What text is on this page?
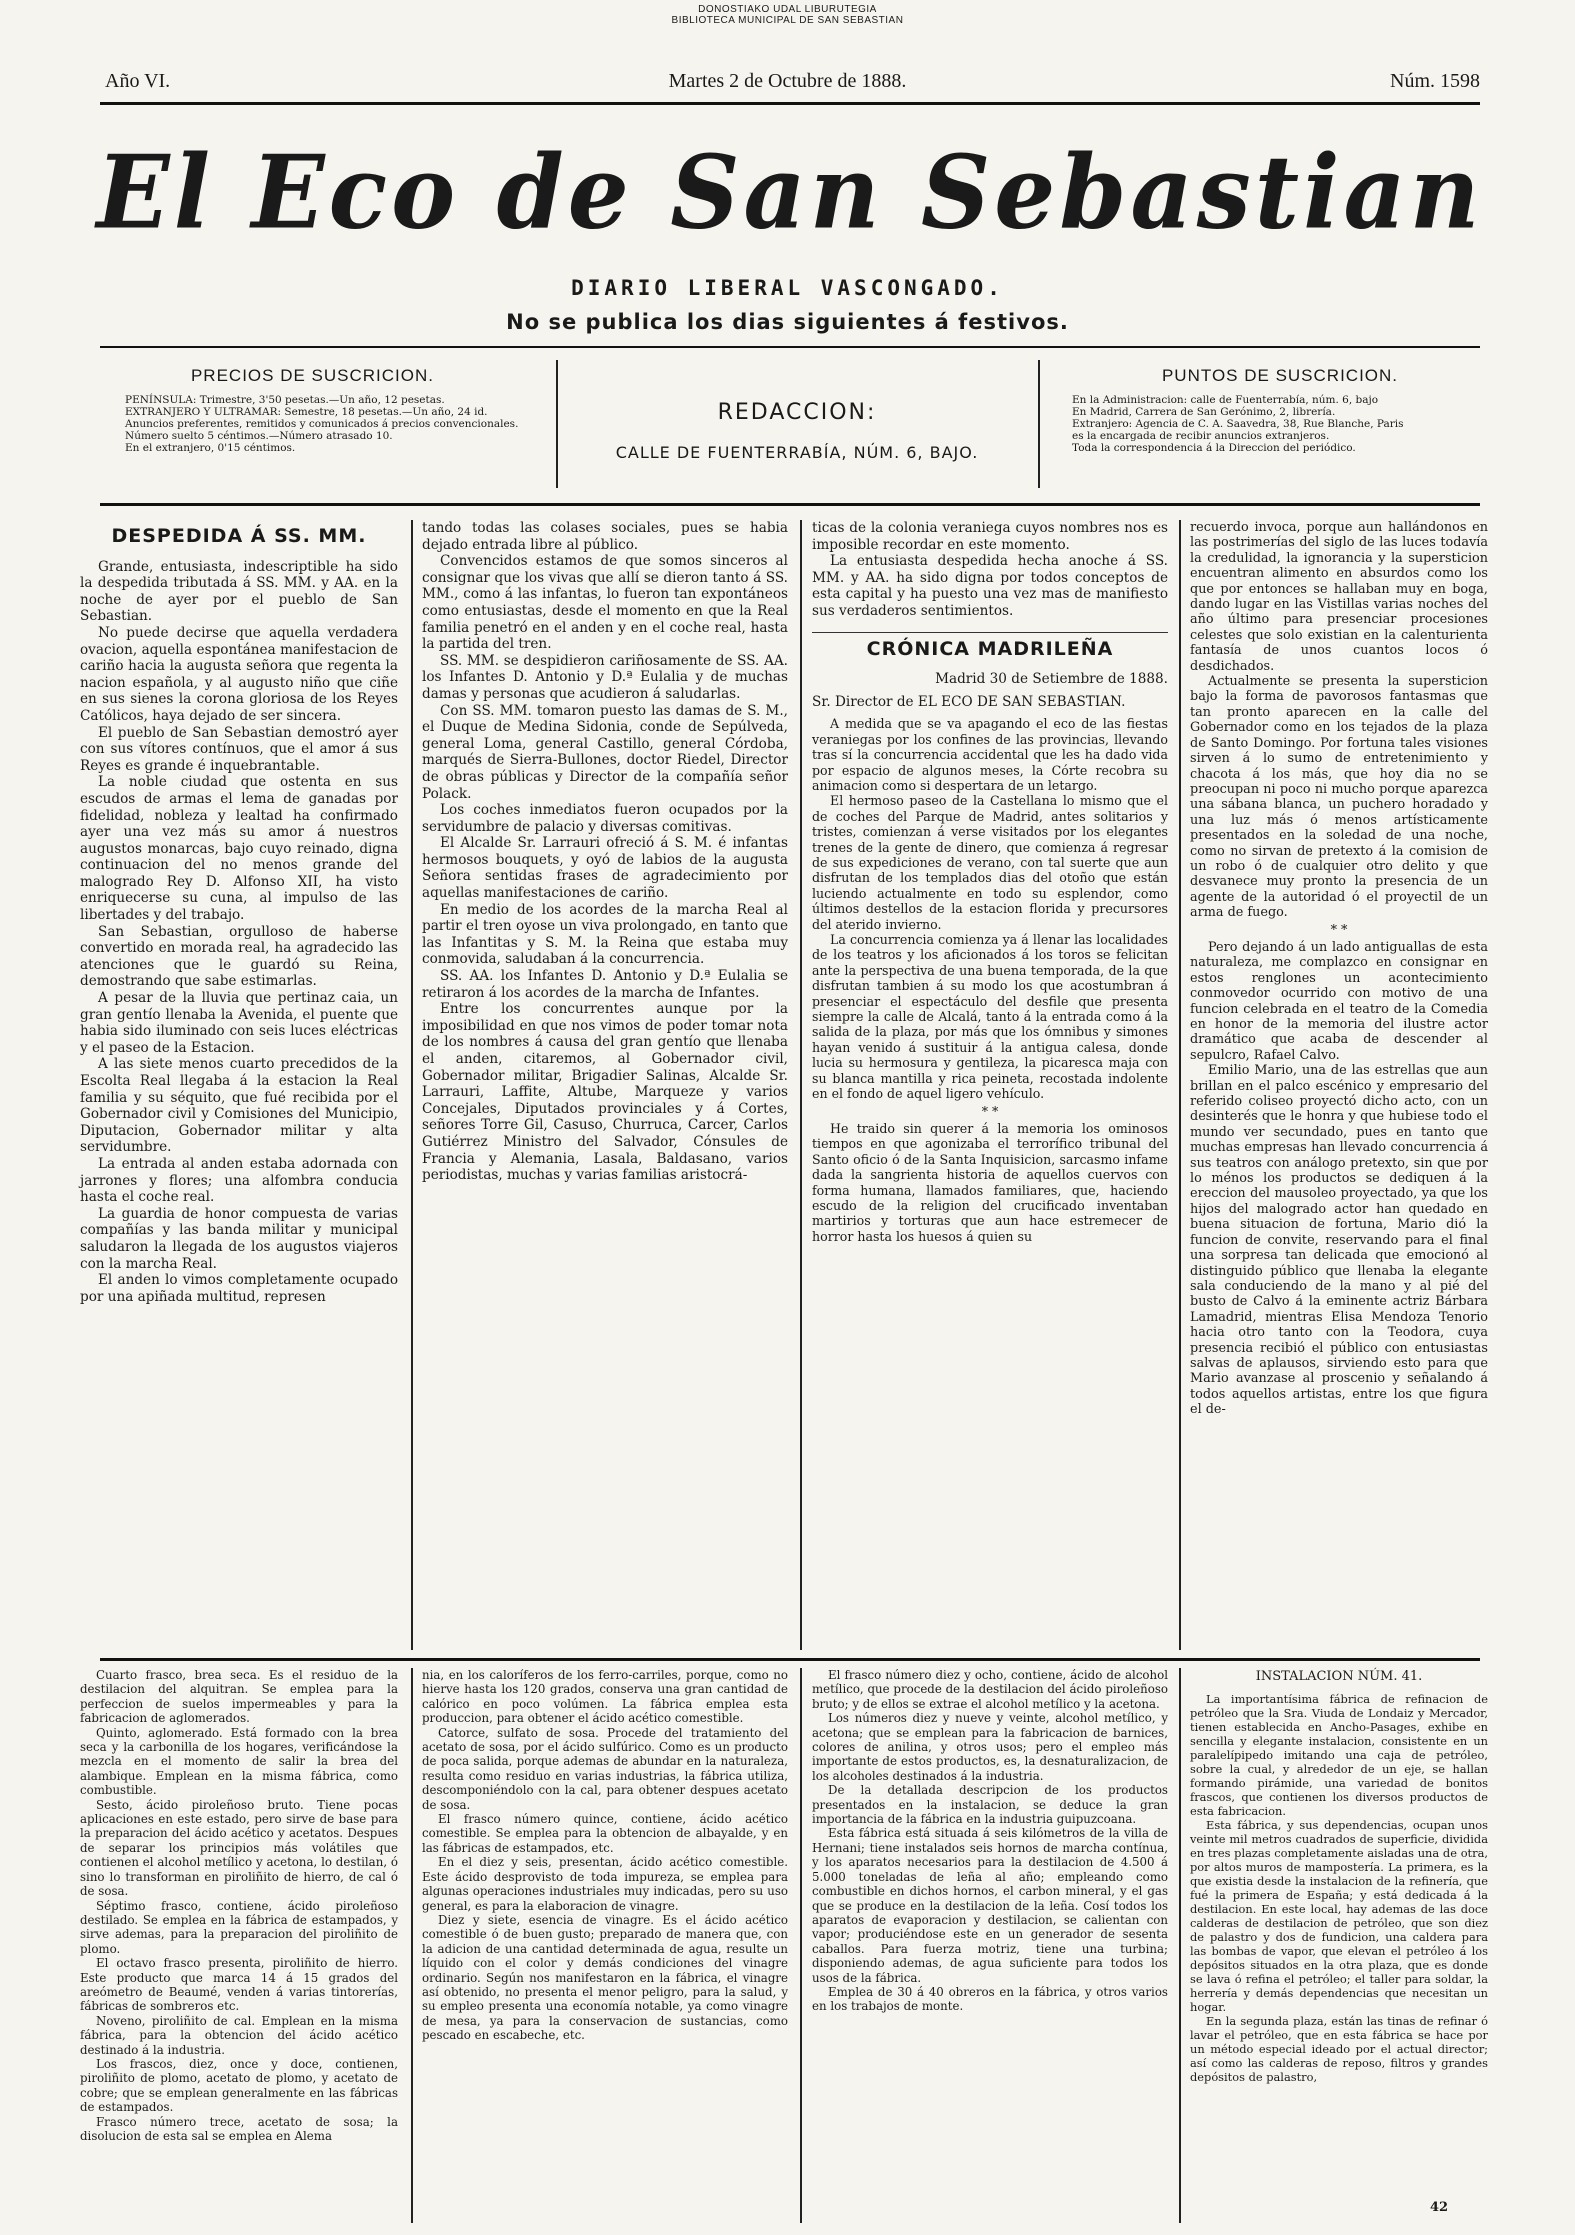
DONOSTIAKO UDAL LIBURUTEGIA
BIBLIOTECA MUNICIPAL DE SAN SEBASTIAN
Año VI.	Martes 2 de Octubre de 1888.	Núm. 1598
El Eco de San Sebastian
DIARIO LIBERAL VASCONGADO.
No se publica los dias siguientes á festivos.
PRECIOS DE SUSCRICION.

PENÍNSULA: Trimestre, 3'50 pesetas.—Un año, 12 pesetas.

EXTRANJERO Y ULTRAMAR: Semestre, 18 pesetas.—Un año, 24 id.

Anuncios preferentes, remitidos y comunicados á precios convencionales.

Número suelto 5 céntimos.—Número atrasado 10.

En el extranjero, 0'15 céntimos.

REDACCION:
CALLE DE FUENTERRABÍA, NÚM. 6, BAJO.
PUNTOS DE SUSCRICION.

En la Administracion: calle de Fuenterrabía, núm. 6, bajo

En Madrid, Carrera de San Gerónimo, 2, librería.

Extranjero: Agencia de C. A. Saavedra, 38, Rue Blanche, Paris

es la encargada de recibir anuncios extranjeros.

Toda la correspondencia á la Direccion del periódico.

DESPEDIDA Á SS. MM.

Grande, entusiasta, indescriptible ha sido la despedida tributada á SS. MM. y AA. en la noche de ayer por el pueblo de San Sebastian.

No puede decirse que aquella verdadera ovacion, aquella espontánea manifestacion de cariño hacia la augusta señora que regenta la nacion española, y al augusto niño que ciñe en sus sienes la corona gloriosa de los Reyes Católicos, haya dejado de ser sincera.

El pueblo de San Sebastian demostró ayer con sus vítores contínuos, que el amor á sus Reyes es grande é inquebrantable.

La noble ciudad que ostenta en sus escudos de armas el lema de ganadas por fidelidad, nobleza y lealtad ha confirmado ayer una vez más su amor á nuestros augustos monarcas, bajo cuyo reinado, digna continuacion del no menos grande del malogrado Rey D. Alfonso XII, ha visto enriquecerse su cuna, al impulso de las libertades y del trabajo.

San Sebastian, orgulloso de haberse convertido en morada real, ha agradecido las atenciones que le guardó su Reina, demostrando que sabe estimarlas.

A pesar de la lluvia que pertinaz caia, un gran gentío llenaba la Avenida, el puente que habia sido iluminado con seis luces eléctricas y el paseo de la Estacion.

A las siete menos cuarto precedidos de la Escolta Real llegaba á la estacion la Real familia y su séquito, que fué recibida por el Gobernador civil y Comisiones del Municipio, Diputacion, Gobernador militar y alta servidumbre.

La entrada al anden estaba adornada con jarrones y flores; una alfombra conducia hasta el coche real.

La guardia de honor compuesta de varias compañías y las banda militar y municipal saludaron la llegada de los augustos viajeros con la marcha Real.

El anden lo vimos completamente ocupado por una apiñada multitud, represen

tando todas las colases sociales, pues se habia dejado entrada libre al público.

Convencidos estamos de que somos sinceros al consignar que los vivas que allí se dieron tanto á SS. MM., como á las infantas, lo fueron tan expontáneos como entusiastas, desde el momento en que la Real familia penetró en el anden y en el coche real, hasta la partida del tren.

SS. MM. se despidieron cariñosamente de SS. AA. los Infantes D. Antonio y D.ª Eulalia y de muchas damas y personas que acudieron á saludarlas.

Con SS. MM. tomaron puesto las damas de S. M., el Duque de Medina Sidonia, conde de Sepúlveda, general Loma, general Castillo, general Córdoba, marqués de Sierra-Bullones, doctor Riedel, Director de obras públicas y Director de la compañía señor Polack.

Los coches inmediatos fueron ocupados por la servidumbre de palacio y diversas comitivas.

El Alcalde Sr. Larrauri ofreció á S. M. é infantas hermosos bouquets, y oyó de labios de la augusta Señora sentidas frases de agradecimiento por aquellas manifestaciones de cariño.

En medio de los acordes de la marcha Real al partir el tren oyose un viva prolongado, en tanto que las Infantitas y S. M. la Reina que estaba muy conmovida, saludaban á la concurrencia.

SS. AA. los Infantes D. Antonio y D.ª Eulalia se retiraron á los acordes de la marcha de Infantes.

Entre los concurrentes aunque por la imposibilidad en que nos vimos de poder tomar nota de los nombres á causa del gran gentío que llenaba el anden, citaremos, al Gobernador civil, Gobernador militar, Brigadier Salinas, Alcalde Sr. Larrauri, Laffite, Altube, Marqueze y varios Concejales, Diputados provinciales y á Cortes, señores Torre Gil, Casuso, Churruca, Carcer, Carlos Gutiérrez Ministro del Salvador, Cónsules de Francia y Alemania, Lasala, Baldasano, varios periodistas, muchas y varias familias aristocrá-

ticas de la colonia veraniega cuyos nombres nos es imposible recordar en este momento.

La entusiasta despedida hecha anoche á SS. MM. y AA. ha sido digna por todos conceptos de esta capital y ha puesto una vez mas de manifiesto sus verdaderos sentimientos.

CRÓNICA MADRILEÑA
Madrid 30 de Setiembre de 1888.
Sr. Director de EL ECO DE SAN SEBASTIAN.

A medida que se va apagando el eco de las fiestas veraniegas por los confines de las provincias, llevando tras sí la concurrencia accidental que les ha dado vida por espacio de algunos meses, la Córte recobra su animacion como si despertara de un letargo.

El hermoso paseo de la Castellana lo mismo que el de coches del Parque de Madrid, antes solitarios y tristes, comienzan á verse visitados por los elegantes trenes de la gente de dinero, que comienza á regresar de sus expediciones de verano, con tal suerte que aun disfrutan de los templados dias del otoño que están luciendo actualmente en todo su esplendor, como últimos destellos de la estacion florida y precursores del aterido invierno.

La concurrencia comienza ya á llenar las localidades de los teatros y los aficionados á los toros se felicitan ante la perspectiva de una buena temporada, de la que disfrutan tambien á su modo los que acostumbran á presenciar el espectáculo del desfile que presenta siempre la calle de Alcalá, tanto á la entrada como á la salida de la plaza, por más que los ómnibus y simones hayan venido á sustituir á la antigua calesa, donde lucia su hermosura y gentileza, la picaresca maja con su blanca mantilla y rica peineta, recostada indolente en el fondo de aquel ligero vehículo.

* *

He traido sin querer á la memoria los ominosos tiempos en que agonizaba el terrorífico tribunal del Santo oficio ó de la Santa Inquisicion, sarcasmo infame dada la sangrienta historia de aquellos cuervos con forma humana, llamados familiares, que, haciendo escudo de la religion del crucificado inventaban martirios y torturas que aun hace estremecer de horror hasta los huesos á quien su

recuerdo invoca, porque aun hallándonos en las postrimerías del siglo de las luces todavía la credulidad, la ignorancia y la supersticion encuentran alimento en absurdos como los que por entonces se hallaban muy en boga, dando lugar en las Vistillas varias noches del año último para presenciar procesiones celestes que solo existian en la calenturienta fantasía de unos cuantos locos ó desdichados.

Actualmente se presenta la supersticion bajo la forma de pavorosos fantasmas que tan pronto aparecen en la calle del Gobernador como en los tejados de la plaza de Santo Domingo. Por fortuna tales visiones sirven á lo sumo de entretenimiento y chacota á los más, que hoy dia no se preocupan ni poco ni mucho porque aparezca una sábana blanca, un puchero horadado y una luz más ó menos artísticamente presentados en la soledad de una noche, como no sirvan de pretexto á la comision de un robo ó de cualquier otro delito y que desvanece muy pronto la presencia de un agente de la autoridad ó el proyectil de un arma de fuego.

* *

Pero dejando á un lado antiguallas de esta naturaleza, me complazco en consignar en estos renglones un acontecimiento conmovedor ocurrido con motivo de una funcion celebrada en el teatro de la Comedia en honor de la memoria del ilustre actor dramático que acaba de descender al sepulcro, Rafael Calvo.

Emilio Mario, una de las estrellas que aun brillan en el palco escénico y empresario del referido coliseo proyectó dicho acto, con un desinterés que le honra y que hubiese todo el mundo ver secundado, pues en tanto que muchas empresas han llevado concurrencia á sus teatros con análogo pretexto, sin que por lo ménos los productos se dediquen á la ereccion del mausoleo proyectado, ya que los hijos del malogrado actor han quedado en buena situacion de fortuna, Mario dió la funcion de convite, reservando para el final una sorpresa tan delicada que emocionó al distinguido público que llenaba la elegante sala conduciendo de la mano y al pié del busto de Calvo á la eminente actriz Bárbara Lamadrid, mientras Elisa Mendoza Tenorio hacia otro tanto con la Teodora, cuya presencia recibió el público con entusiastas salvas de aplausos, sirviendo esto para que Mario avanzase al proscenio y señalando á todos aquellos artistas, entre los que figura el de-

Cuarto frasco, brea seca. Es el residuo de la destilacion del alquitran. Se emplea para la perfeccion de suelos impermeables y para la fabricacion de aglomerados.

Quinto, aglomerado. Está formado con la brea seca y la carbonilla de los hogares, verificándose la mezcla en el momento de salir la brea del alambique. Emplean en la misma fábrica, como combustible.

Sesto, ácido piroleñoso bruto. Tiene pocas aplicaciones en este estado, pero sirve de base para la preparacion del ácido acético y acetatos. Despues de separar los principios más volátiles que contienen el alcohol metílico y acetona, lo destilan, ó sino lo transforman en piroliñito de hierro, de cal ó de sosa.

Séptimo frasco, contiene, ácido piroleñoso destilado. Se emplea en la fábrica de estampados, y sirve ademas, para la preparacion del piroliñito de plomo.

El octavo frasco presenta, piroliñito de hierro. Este producto que marca 14 á 15 grados del areómetro de Beaumé, venden á varias tintorerías, fábricas de sombreros etc.

Noveno, piroliñito de cal. Emplean en la misma fábrica, para la obtencion del ácido acético destinado á la industria.

Los frascos, diez, once y doce, contienen, piroliñito de plomo, acetato de plomo, y acetato de cobre; que se emplean generalmente en las fábricas de estampados.

Frasco número trece, acetato de sosa; la disolucion de esta sal se emplea en Alema

nia, en los caloríferos de los ferro-carriles, porque, como no hierve hasta los 120 grados, conserva una gran cantidad de calórico en poco volúmen. La fábrica emplea esta produccion, para obtener el ácido acético comestible.

Catorce, sulfato de sosa. Procede del tratamiento del acetato de sosa, por el ácido sulfúrico. Como es un producto de poca salida, porque ademas de abundar en la naturaleza, resulta como residuo en varias industrias, la fábrica utiliza, descomponiéndolo con la cal, para obtener despues acetato de sosa.

El frasco número quince, contiene, ácido acético comestible. Se emplea para la obtencion de albayalde, y en las fábricas de estampados, etc.

En el diez y seis, presentan, ácido acético comestible. Este ácido desprovisto de toda impureza, se emplea para algunas operaciones industriales muy indicadas, pero su uso general, es para la elaboracion de vinagre.

Diez y siete, esencia de vinagre. Es el ácido acético comestible ó de buen gusto; preparado de manera que, con la adicion de una cantidad determinada de agua, resulte un líquido con el color y demás condiciones del vinagre ordinario. Según nos manifestaron en la fábrica, el vinagre así obtenido, no presenta el menor peligro, para la salud, y su empleo presenta una economía notable, ya como vinagre de mesa, ya para la conservacion de sustancias, como pescado en escabeche, etc.

El frasco número diez y ocho, contiene, ácido de alcohol metílico, que procede de la destilacion del ácido piroleñoso bruto; y de ellos se extrae el alcohol metílico y la acetona.

Los números diez y nueve y veinte, alcohol metílico, y acetona; que se emplean para la fabricacion de barnices, colores de anilina, y otros usos; pero el empleo más importante de estos productos, es, la desnaturalizacion, de los alcoholes destinados á la industria.

De la detallada descripcion de los productos presentados en la instalacion, se deduce la gran importancia de la fábrica en la industria guipuzcoana.

Esta fábrica está situada á seis kilómetros de la villa de Hernani; tiene instalados seis hornos de marcha contínua, y los aparatos necesarios para la destilacion de 4.500 á 5.000 toneladas de leña al año; empleando como combustible en dichos hornos, el carbon mineral, y el gas que se produce en la destilacion de la leña. Cosí todos los aparatos de evaporacion y destilacion, se calientan con vapor; produciéndose este en un generador de sesenta caballos. Para fuerza motriz, tiene una turbina; disponiendo ademas, de agua suficiente para todos los usos de la fábrica.

Emplea de 30 á 40 obreros en la fábrica, y otros varios en los trabajos de monte.

INSTALACION NÚM. 41.

La importantísima fábrica de refinacion de petróleo que la Sra. Viuda de Londaiz y Mercador, tienen establecida en Ancho-Pasages, exhibe en sencilla y elegante instalacion, consistente en un paralelípipedo imitando una caja de petróleo, sobre la cual, y alrededor de un eje, se hallan formando pirámide, una variedad de bonitos frascos, que contienen los diversos productos de esta fabricacion.

Esta fábrica, y sus dependencias, ocupan unos veinte mil metros cuadrados de superficie, dividida en tres plazas completamente aisladas una de otra, por altos muros de mampostería. La primera, es la que existia desde la instalacion de la refinería, que fué la primera de España; y está dedicada á la destilacion. En este local, hay ademas de las doce calderas de destilacion de petróleo, que son diez de palastro y dos de fundicion, una caldera para las bombas de vapor, que elevan el petróleo á los depósitos situados en la otra plaza, que es donde se lava ó refina el petróleo; el taller para soldar, la herrería y demás dependencias que necesitan un hogar.

En la segunda plaza, están las tinas de refinar ó lavar el petróleo, que en esta fábrica se hace por un método especial ideado por el actual director; así como las calderas de reposo, filtros y grandes depósitos de palastro,

42
